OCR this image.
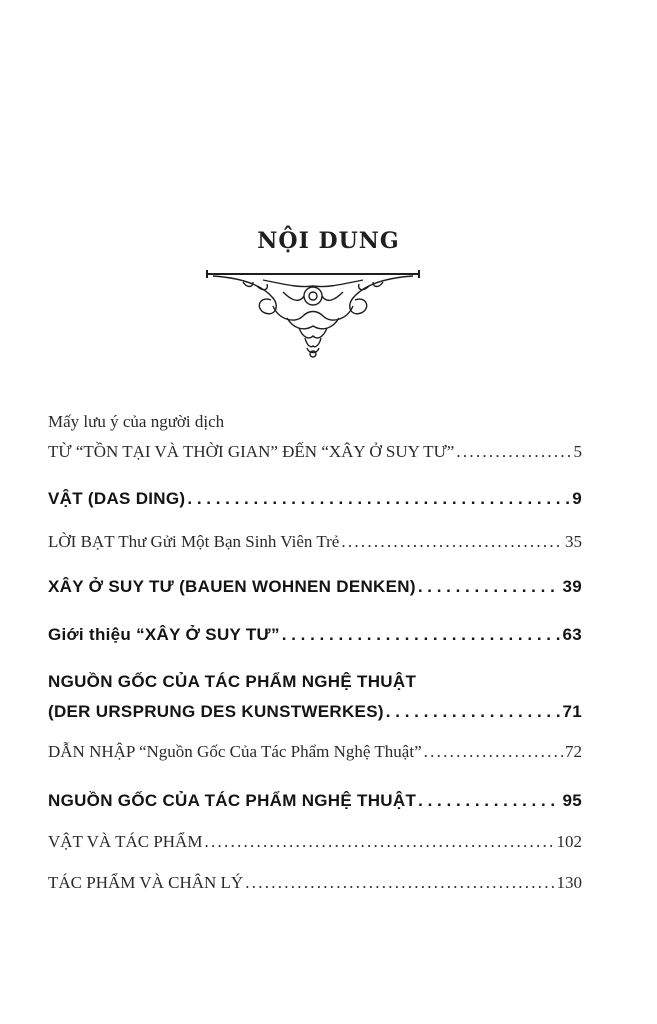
NỘI DUNG
Mấy lưu ý của người dịch
TỪ “TỒN TẠI VÀ THỜI GIAN” ĐẾN “XÂY Ở SUY TƯ” . . .	5
VẬT (DAS DING) . . .	9
LỜI BẠT Thư Gửi Một Bạn Sinh Viên Trẻ . . .	35
XÂY Ở SUY TƯ (BAUEN WOHNEN DENKEN) . . .	39
Giới thiệu “XÂY Ở SUY TƯ” . . .	63
NGUỒN GỐC CỦA TÁC PHẨM NGHỆ THUẬT
(DER URSPRUNG DES KUNSTWERKES) . . .	71
DẪN NHẬP “Nguồn Gốc Của Tác Phẩm Nghệ Thuật” . . .	72
NGUỒN GỐC CỦA TÁC PHẨM NGHỆ THUẬT . . .	95
VẬT VÀ TÁC PHẨM . . .	102
TÁC PHẨM VÀ CHÂN LÝ . . .	130
